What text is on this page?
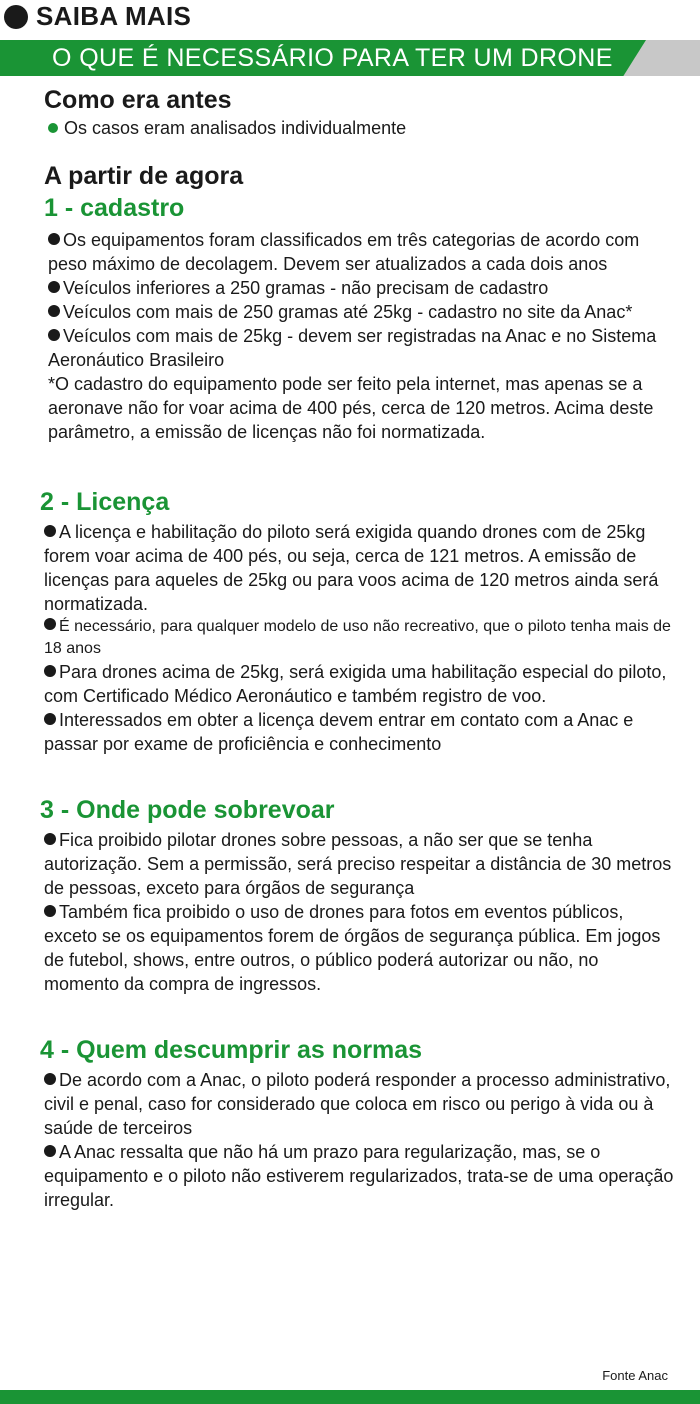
SAIBA MAIS
O QUE É NECESSÁRIO PARA TER UM DRONE
Como era antes

Os casos eram analisados individualmente

A partir de agora
1 - cadastro

Os equipamentos foram classificados em três categorias de acordo com peso máximo de decolagem. Devem ser atualizados a cada dois anos

Veículos inferiores a 250 gramas - não precisam de cadastro

Veículos com mais de 250 gramas até 25kg - cadastro no site da Anac*

Veículos com mais de 25kg - devem ser registradas na Anac e no Sistema Aeronáutico Brasileiro

*O cadastro do equipamento pode ser feito pela internet, mas apenas se a aeronave não for voar acima de 400 pés, cerca de 120 metros. Acima deste parâmetro, a emissão de licenças não foi normatizada.

2 - Licença

A licença e habilitação do piloto será exigida quando drones com de 25kg forem voar acima de 400 pés, ou seja, cerca de 121 metros. A emissão de licenças para aqueles de 25kg ou para voos acima de 120 metros ainda será normatizada.

É necessário, para qualquer modelo de uso não recreativo, que o piloto tenha mais de 18 anos

Para drones acima de 25kg, será exigida uma habilitação especial do piloto, com Certificado Médico Aeronáutico e também registro de voo.

Interessados em obter a licença devem entrar em contato com a Anac e passar por exame de proficiência e conhecimento

3 - Onde pode sobrevoar

Fica proibido pilotar drones sobre pessoas, a não ser que se tenha autorização. Sem a permissão, será preciso respeitar a distância de 30 metros de pessoas, exceto para órgãos de segurança

Também fica proibido o uso de drones para fotos em eventos públicos, exceto se os equipamentos forem de órgãos de segurança pública. Em jogos de futebol, shows, entre outros, o público poderá autorizar ou não, no momento da compra de ingressos.

4 - Quem descumprir as normas

De acordo com a Anac, o piloto poderá responder a processo administrativo, civil e penal, caso for considerado que coloca em risco ou perigo à vida ou à saúde de terceiros

A Anac ressalta que não há um prazo para regularização, mas, se o equipamento e o piloto não estiverem regularizados, trata-se de uma operação irregular.

Fonte Anac
